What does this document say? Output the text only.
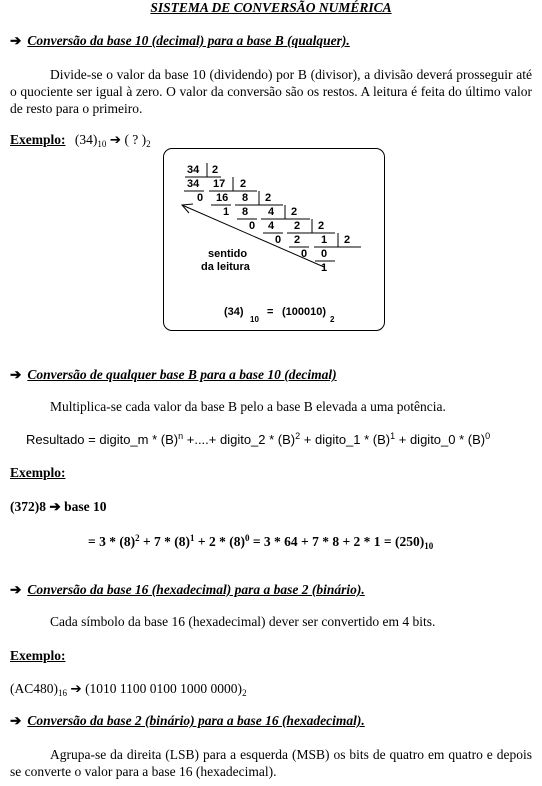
SISTEMA DE CONVERSÃO NUMÉRICA
➔ Conversão da base 10 (decimal) para a base B (qualquer).
Divide-se o valor da base 10 (dividendo) por B (divisor), a divisão deverá prosseguir até o quociente ser igual à zero. O valor da conversão são os restos. A leitura é feita do último valor de resto para o primeiro.
Exemplo: $(34)_{10}$ ➔ ( ? )$_2$
34
17
8
4
2
1
2
2
2
2
2
2
34
16
8
4
2
0
0
1
0
0
0
1
sentido
da leitura
(34)
10
= (100010)
2
➔ Conversão de qualquer base B para a base 10 (decimal)
Multiplica-se cada valor da base B pelo a base B elevada a uma potência.
Resultado = digito_m * $(B)^n$ +....+ digito_2 * $(B)^2$ + digito_1 * $(B)^1$ + digito_0 * $(B)^0$
Exemplo:
(372)8 ➔ base 10
= $3 * (8)^2 + 7 * (8)^1 + 2 * (8)^0 = 3 * 64 + 7 * 8 + 2 * 1 = (250)_{10}$
➔ Conversão da base 16 (hexadecimal) para a base 2 (binário).
Cada símbolo da base 16 (hexadecimal) dever ser convertido em 4 bits.
Exemplo:
$(AC480)_{16}$ ➔ (1010 1100 0100 1000 $0000)_2$
➔ Conversão da base 2 (binário) para a base 16 (hexadecimal).
Agrupa-se da direita (LSB) para a esquerda (MSB) os bits de quatro em quatro e depois se converte o valor para a base 16 (hexadecimal).
